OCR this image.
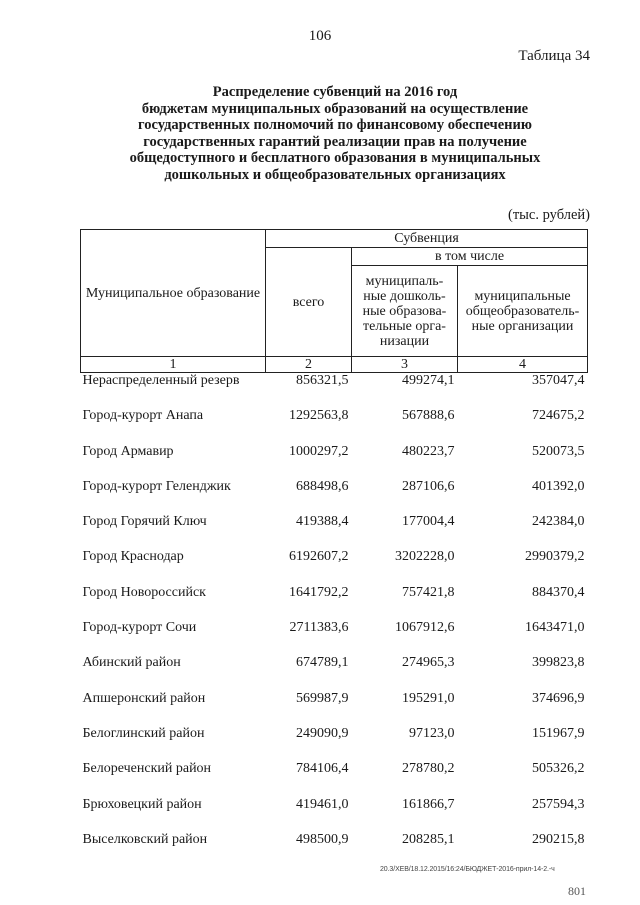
106
Таблица 34
Распределение субвенций на 2016 год
бюджетам муниципальных образований на осуществление
государственных полномочий по финансовому обеспечению
государственных гарантий реализации прав на получение
общедоступного и бесплатного образования в муниципальных
дошкольных и общеобразовательных организациях
(тыс. рублей)
Муниципальное образование	Субвенция		
	всего	в том числе	
		муниципаль-ные дошколь-ные образова-тельные орга-низации	муниципальные общеобразователь-ные организации
1	2	3	4
Нераспределенный резерв	856321,5	499274,1	357047,4
Город-курорт Анапа	1292563,8	567888,6	724675,2
Город Армавир	1000297,2	480223,7	520073,5
Город-курорт Геленджик	688498,6	287106,6	401392,0
Город Горячий Ключ	419388,4	177004,4	242384,0
Город Краснодар	6192607,2	3202228,0	2990379,2
Город Новороссийск	1641792,2	757421,8	884370,4
Город-курорт Сочи	2711383,6	1067912,6	1643471,0
Абинский район	674789,1	274965,3	399823,8
Апшеронский район	569987,9	195291,0	374696,9
Белоглинский район	249090,9	97123,0	151967,9
Белореченский район	784106,4	278780,2	505326,2
Брюховецкий район	419461,0	161866,7	257594,3
Выселковский район	498500,9	208285,1	290215,8
20.3/ХЕВ/18.12.2015/16:24/БЮДЖЕТ-2016-прил-14-2.-ч
801
